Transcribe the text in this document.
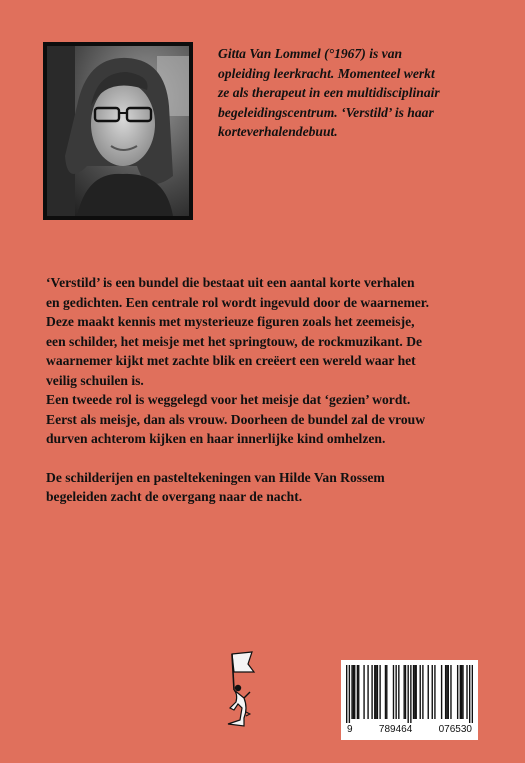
Gitta Van Lommel (°1967) is van
opleiding leerkracht. Momenteel werkt
ze als therapeut in een multidisciplinair
begeleidingscentrum. ‘Verstild’ is haar
korteverhalendebuut.

‘Verstild’ is een bundel die bestaat uit een aantal korte verhalen
en gedichten. Een centrale rol wordt ingevuld door de waarnemer.
Deze maakt kennis met mysterieuze figuren zoals het zeemeisje,
een schilder, het meisje met het springtouw, de rockmuzikant. De
waarnemer kijkt met zachte blik en creëert een wereld waar het
veilig schuilen is.
Een tweede rol is weggelegd voor het meisje dat ‘gezien’ wordt.
Eerst als meisje, dan als vrouw. Doorheen de bundel zal de vrouw
durven achterom kijken en haar innerlijke kind omhelzen.

De schilderijen en pasteltekeningen van Hilde Van Rossem
begeleiden zacht de overgang naar de nacht.

9	789464	076530
